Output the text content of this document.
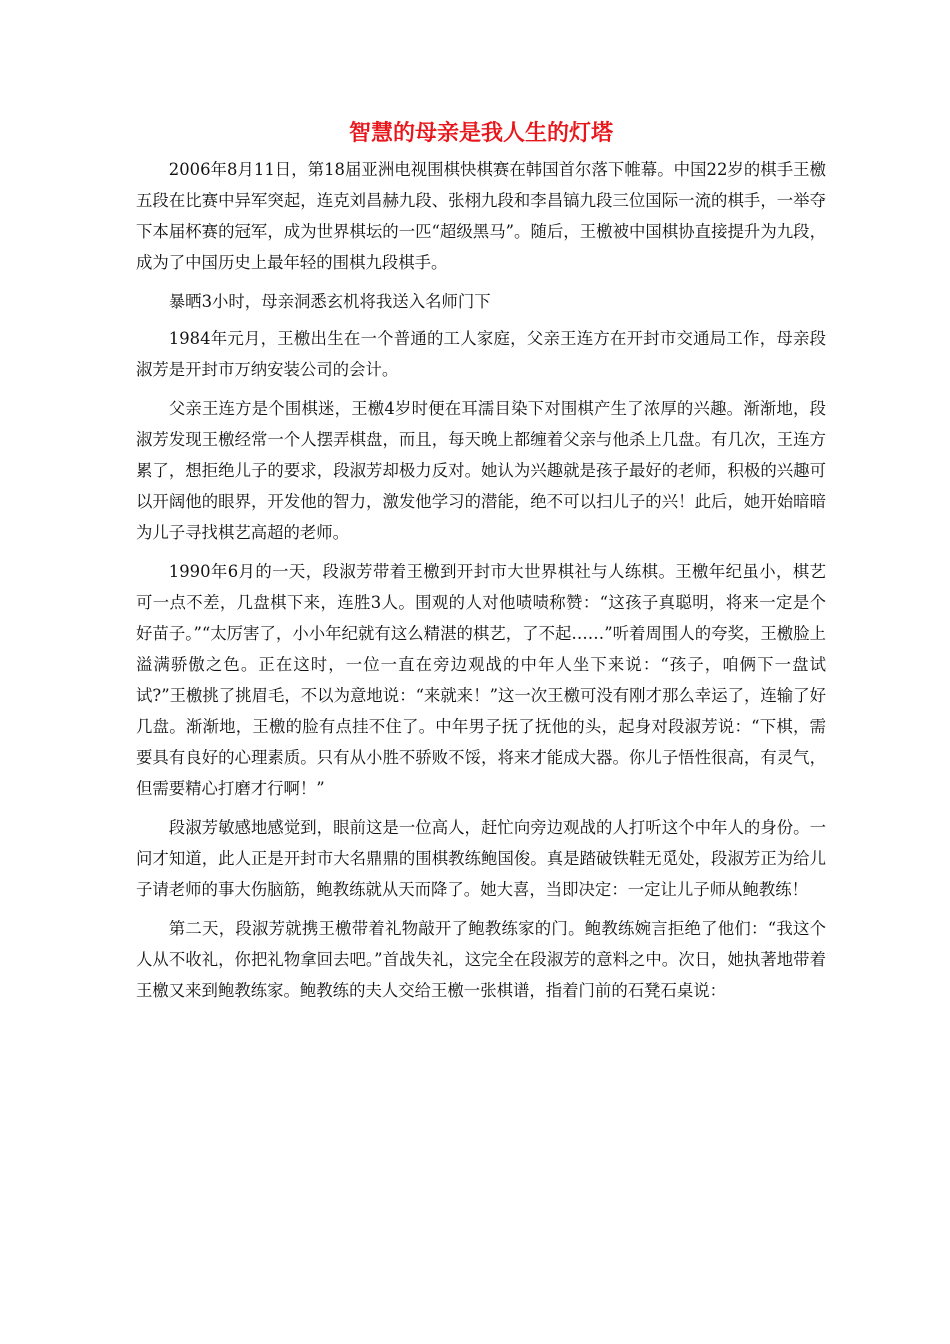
智慧的母亲是我人生的灯塔

2006年8月11日，第18届亚洲电视围棋快棋赛在韩国首尔落下帷幕。中国22岁的棋手王檄五段在比赛中异军突起，连克刘昌赫九段、张栩九段和李昌镐九段三位国际一流的棋手，一举夺下本届杯赛的冠军，成为世界棋坛的一匹“超级黑马”。随后，王檄被中国棋协直接提升为九段，成为了中国历史上最年轻的围棋九段棋手。

暴晒3小时，母亲洞悉玄机将我送入名师门下

1984年元月，王檄出生在一个普通的工人家庭，父亲王连方在开封市交通局工作，母亲段淑芳是开封市万纳安装公司的会计。

父亲王连方是个围棋迷，王檄4岁时便在耳濡目染下对围棋产生了浓厚的兴趣。渐渐地，段淑芳发现王檄经常一个人摆弄棋盘，而且，每天晚上都缠着父亲与他杀上几盘。有几次，王连方累了，想拒绝儿子的要求，段淑芳却极力反对。她认为兴趣就是孩子最好的老师，积极的兴趣可以开阔他的眼界，开发他的智力，激发他学习的潜能，绝不可以扫儿子的兴！此后，她开始暗暗为儿子寻找棋艺高超的老师。

1990年6月的一天，段淑芳带着王檄到开封市大世界棋社与人练棋。王檄年纪虽小，棋艺可一点不差，几盘棋下来，连胜3人。围观的人对他啧啧称赞：“这孩子真聪明，将来一定是个好苗子。”“太厉害了，小小年纪就有这么精湛的棋艺，了不起……”听着周围人的夸奖，王檄脸上溢满骄傲之色。正在这时，一位一直在旁边观战的中年人坐下来说：“孩子，咱俩下一盘试试?”王檄挑了挑眉毛，不以为意地说：“来就来！”这一次王檄可没有刚才那么幸运了，连输了好几盘。渐渐地，王檄的脸有点挂不住了。中年男子抚了抚他的头，起身对段淑芳说：“下棋，需要具有良好的心理素质。只有从小胜不骄败不馁，将来才能成大器。你儿子悟性很高，有灵气，但需要精心打磨才行啊！”

段淑芳敏感地感觉到，眼前这是一位高人，赶忙向旁边观战的人打听这个中年人的身份。一问才知道，此人正是开封市大名鼎鼎的围棋教练鲍国俊。真是踏破铁鞋无觅处，段淑芳正为给儿子请老师的事大伤脑筋，鲍教练就从天而降了。她大喜，当即决定：一定让儿子师从鲍教练！

第二天，段淑芳就携王檄带着礼物敲开了鲍教练家的门。鲍教练婉言拒绝了他们：“我这个人从不收礼，你把礼物拿回去吧。”首战失礼，这完全在段淑芳的意料之中。次日，她执著地带着王檄又来到鲍教练家。鲍教练的夫人交给王檄一张棋谱，指着门前的石凳石桌说：
